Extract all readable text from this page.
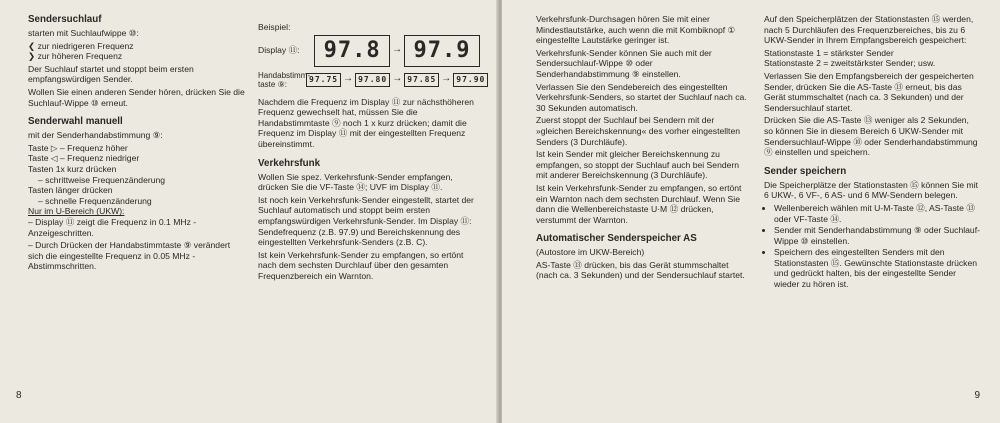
Sendersuchlauf

starten mit Suchlaufwippe ⑩:

❮ zur niedrigeren Frequenz

❯ zur höheren Frequenz

Der Suchlauf startet und stoppt beim ersten empfangswürdigen Sender.

Wollen Sie einen anderen Sender hören, drücken Sie die Suchlauf-Wippe ⑩ erneut.

Senderwahl manuell

mit der Senderhandabstimmung ⑨:

Taste ▷ – Frequenz höher

Taste ◁ – Frequenz niedriger

Tasten 1x kurz drücken

– schrittweise Frequenzänderung

Tasten länger drücken

– schnelle Frequenzänderung

Nur im U-Bereich (UKW):

– Display ⑪ zeigt die Frequenz in 0.1 MHz - Anzeigeschritten.

– Durch Drücken der Handabstimmtaste ⑨ verändert sich die eingestellte Frequenz in 0.05 MHz - Abstimmschritten.

Beispiel:

Display ⑪:	97.8	→ 97.9
Handabstimm-
taste ⑨:
97.75 → 97.80 → 97.85 → 97.90

Nachdem die Frequenz im Display ⑪ zur nächsthöheren Frequenz gewechselt hat, müssen Sie die Handabstimmtaste ⑨ noch 1 x kurz drücken; damit die Frequenz im Display ⑪ mit der eingestellten Frequenz übereinstimmt.

Verkehrsfunk

Wollen Sie spez. Verkehrsfunk-Sender empfangen, drücken Sie die VF-Taste ⑭; UVF im Display ⑪.

Ist noch kein Verkehrsfunk-Sender eingestellt, startet der Suchlauf automatisch und stoppt beim ersten empfangswürdigen Verkehrsfunk-Sender. Im Display ⑪: Sendefrequenz (z.B. 97.9) und Bereichskennung des eingestellten Verkehrsfunk-Senders (z.B. C).

Ist kein Verkehrsfunk-Sender zu empfangen, so ertönt nach dem sechsten Durchlauf über den gesamten Frequenzbereich ein Warnton.

8

Verkehrsfunk-Durchsagen hören Sie mit einer Mindestlautstärke, auch wenn die mit Kombiknopf ① eingestellte Lautstärke geringer ist.

Verkehrsfunk-Sender können Sie auch mit der Sendersuchlauf-Wippe ⑩ oder Senderhandabstimmung ⑨ einstellen.

Verlassen Sie den Sendebereich des eingestellten Verkehrsfunk-Senders, so startet der Suchlauf nach ca. 30 Sekunden automatisch.

Zuerst stoppt der Suchlauf bei Sendern mit der »gleichen Bereichskennung« des vorher eingestellten Senders (3 Durchläufe).

Ist kein Sender mit gleicher Bereichskennung zu empfangen, so stoppt der Suchlauf auch bei Sendern mit anderer Bereichskennung (3 Durchläufe).

Ist kein Verkehrsfunk-Sender zu empfangen, so ertönt ein Warnton nach dem sechsten Durchlauf. Wenn Sie dann die Wellenbereichstaste U·M ⑫ drücken, verstummt der Warnton.

Automatischer Senderspeicher AS

(Autostore im UKW-Bereich)

AS-Taste ⑬ drücken, bis das Gerät stummschaltet (nach ca. 3 Sekunden) und der Sendersuchlauf startet.

Auf den Speicherplätzen der Stationstasten ⑮ werden, nach 5 Durchläufen des Frequenzbereiches, bis zu 6 UKW-Sender in Ihrem Empfangsbereich gespeichert:

Stationstaste 1 = stärkster Sender

Stationstaste 2 = zweitstärkster Sender; usw.

Verlassen Sie den Empfangsbereich der gespeicherten Sender, drücken Sie die AS-Taste ⑬ erneut, bis das Gerät stummschaltet (nach ca. 3 Sekunden) und der Sendersuchlauf startet.

Drücken Sie die AS-Taste ⑬ weniger als 2 Sekunden, so können Sie in diesem Bereich 6 UKW-Sender mit Sendersuchlauf-Wippe ⑩ oder Senderhandabstimmung ⑨ einstellen und speichern.

Sender speichern

Die Speicherplätze der Stationstasten ⑮ können Sie mit 6 UKW-, 6 VF-, 6 AS- und 6 MW-Sendern belegen.

• Wellenbereich wählen mit U-M-Taste ⑫, AS-Taste ⑬ oder VF-Taste ⑭.
• Sender mit Senderhandabstimmung ⑨ oder Suchlauf-Wippe ⑩ einstellen.
• Speichern des eingestellten Senders mit den Stationstasten ⑮. Gewünschte Stationstaste drücken und gedrückt halten, bis der eingestellte Sender wieder zu hören ist.
9
